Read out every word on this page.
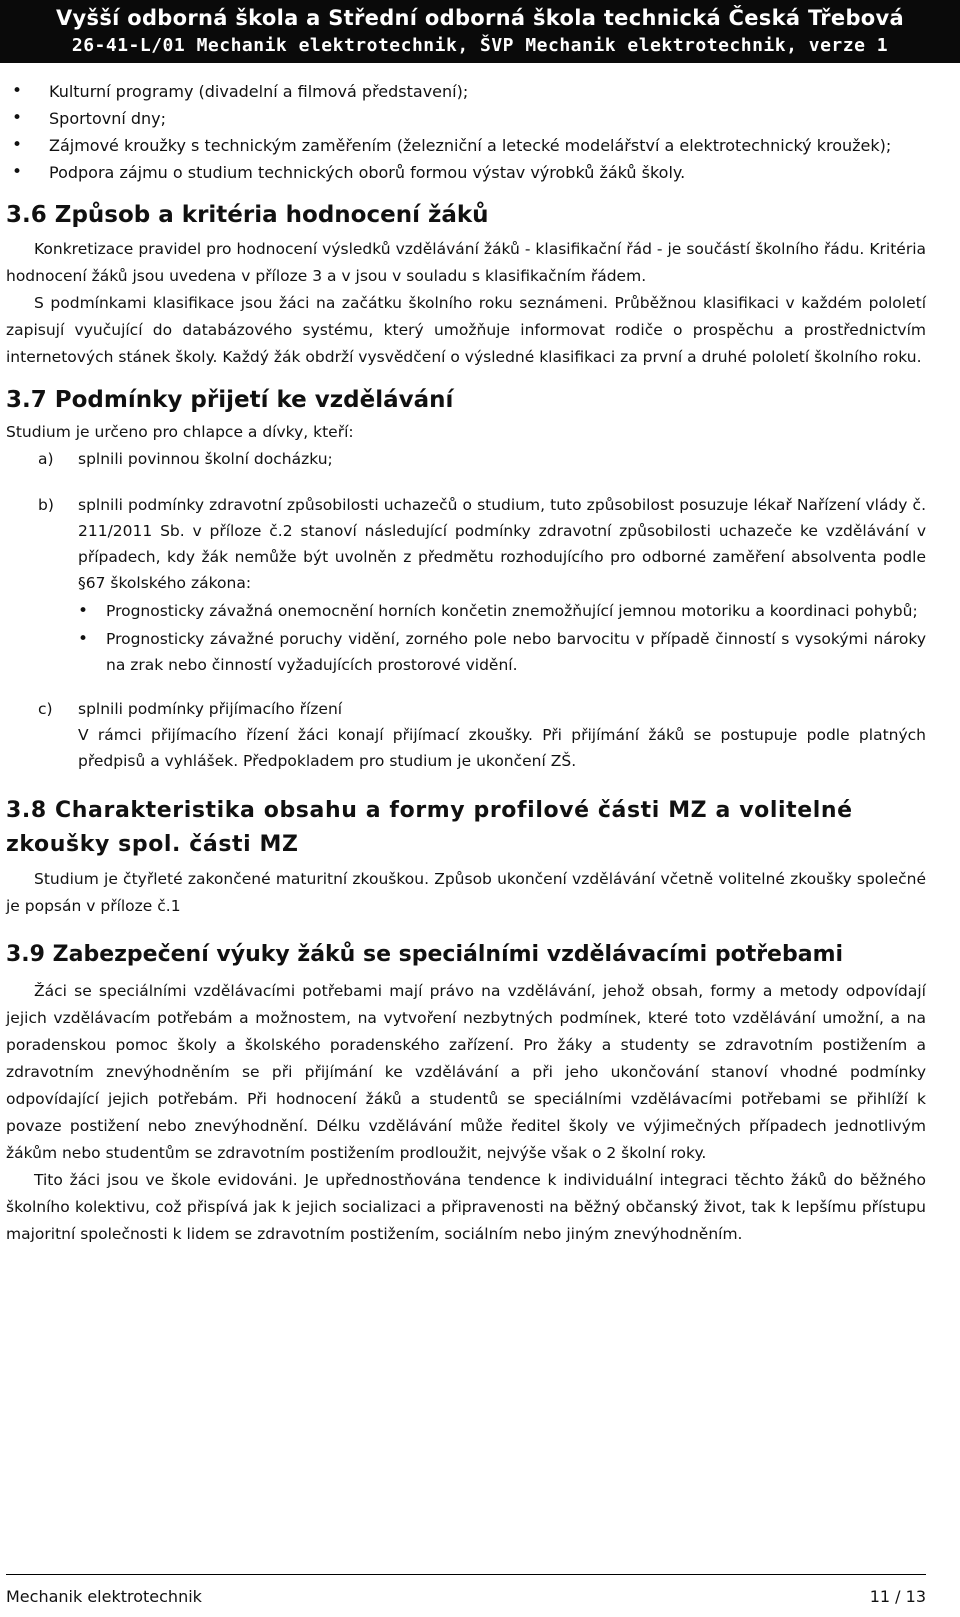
Vyšší odborná škola a Střední odborná škola technická Česká Třebová
26-41-L/01 Mechanik elektrotechnik, ŠVP Mechanik elektrotechnik, verze 1
• Kulturní programy (divadelní a filmová představení);
• Sportovní dny;
• Zájmové kroužky s technickým zaměřením (železniční a letecké modelářství a elektrotechnický kroužek);
• Podpora zájmu o studium technických oborů formou výstav výrobků žáků školy.
3.6 Způsob a kritéria hodnocení žáků

Konkretizace pravidel pro hodnocení výsledků vzdělávání žáků - klasifikační řád - je součástí školního řádu. Kritéria hodnocení žáků jsou uvedena v příloze 3 a v jsou v souladu s klasifikačním řádem.

S podmínkami klasifikace jsou žáci na začátku školního roku seznámeni. Průběžnou klasifikaci v každém pololetí zapisují vyučující do databázového systému, který umožňuje informovat rodiče o prospěchu a prostřednictvím internetových stánek školy. Každý žák obdrží vysvědčení o výsledné klasifikaci za první a druhé pololetí školního roku.

3.7 Podmínky přijetí ke vzdělávání

Studium je určeno pro chlapce a dívky, kteří:

a) splnili povinnou školní docházku;
b) splnili podmínky zdravotní způsobilosti uchazečů o studium, tuto způsobilost posuzuje lékař Nařízení vlády č. 211/2011 Sb. v příloze č.2 stanoví následující podmínky zdravotní způsobilosti uchazeče ke vzdělávání v případech, kdy žák nemůže být uvolněn z předmětu rozhodujícího pro odborné zaměření absolventa podle §67 školského zákona:
• Prognosticky závažná onemocnění horních končetin znemožňující jemnou motoriku a koordinaci pohybů;
• Prognosticky závažné poruchy vidění, zorného pole nebo barvocitu v případě činností s vysokými nároky na zrak nebo činností vyžadujících prostorové vidění.
c) splnili podmínky přijímacího řízení
V rámci přijímacího řízení žáci konají přijímací zkoušky. Při přijímání žáků se postupuje podle platných předpisů a vyhlášek. Předpokladem pro studium je ukončení ZŠ.
3.8 Charakteristika obsahu a formy profilové části MZ a volitelné zkoušky spol. části MZ

Studium je čtyřleté zakončené maturitní zkouškou. Způsob ukončení vzdělávání včetně volitelné zkoušky společné je popsán v příloze č.1

3.9 Zabezpečení výuky žáků se speciálními vzdělávacími potřebami

Žáci se speciálními vzdělávacími potřebami mají právo na vzdělávání, jehož obsah, formy a metody odpovídají jejich vzdělávacím potřebám a možnostem, na vytvoření nezbytných podmínek, které toto vzdělávání umožní, a na poradenskou pomoc školy a školského poradenského zařízení. Pro žáky a studenty se zdravotním postižením a zdravotním znevýhodněním se při přijímání ke vzdělávání a při jeho ukončování stanoví vhodné podmínky odpovídající jejich potřebám. Při hodnocení žáků a studentů se speciálními vzdělávacími potřebami se přihlíží k povaze postižení nebo znevýhodnění. Délku vzdělávání může ředitel školy ve výjimečných případech jednotlivým žákům nebo studentům se zdravotním postižením prodloužit, nejvýše však o 2 školní roky.

Tito žáci jsou ve škole evidováni. Je upřednostňována tendence k individuální integraci těchto žáků do běžného školního kolektivu, což přispívá jak k jejich socializaci a připravenosti na běžný občanský život, tak k lepšímu přístupu majoritní společnosti k lidem se zdravotním postižením, sociálním nebo jiným znevýhodněním.

Mechanik elektrotechnik	11 / 13
